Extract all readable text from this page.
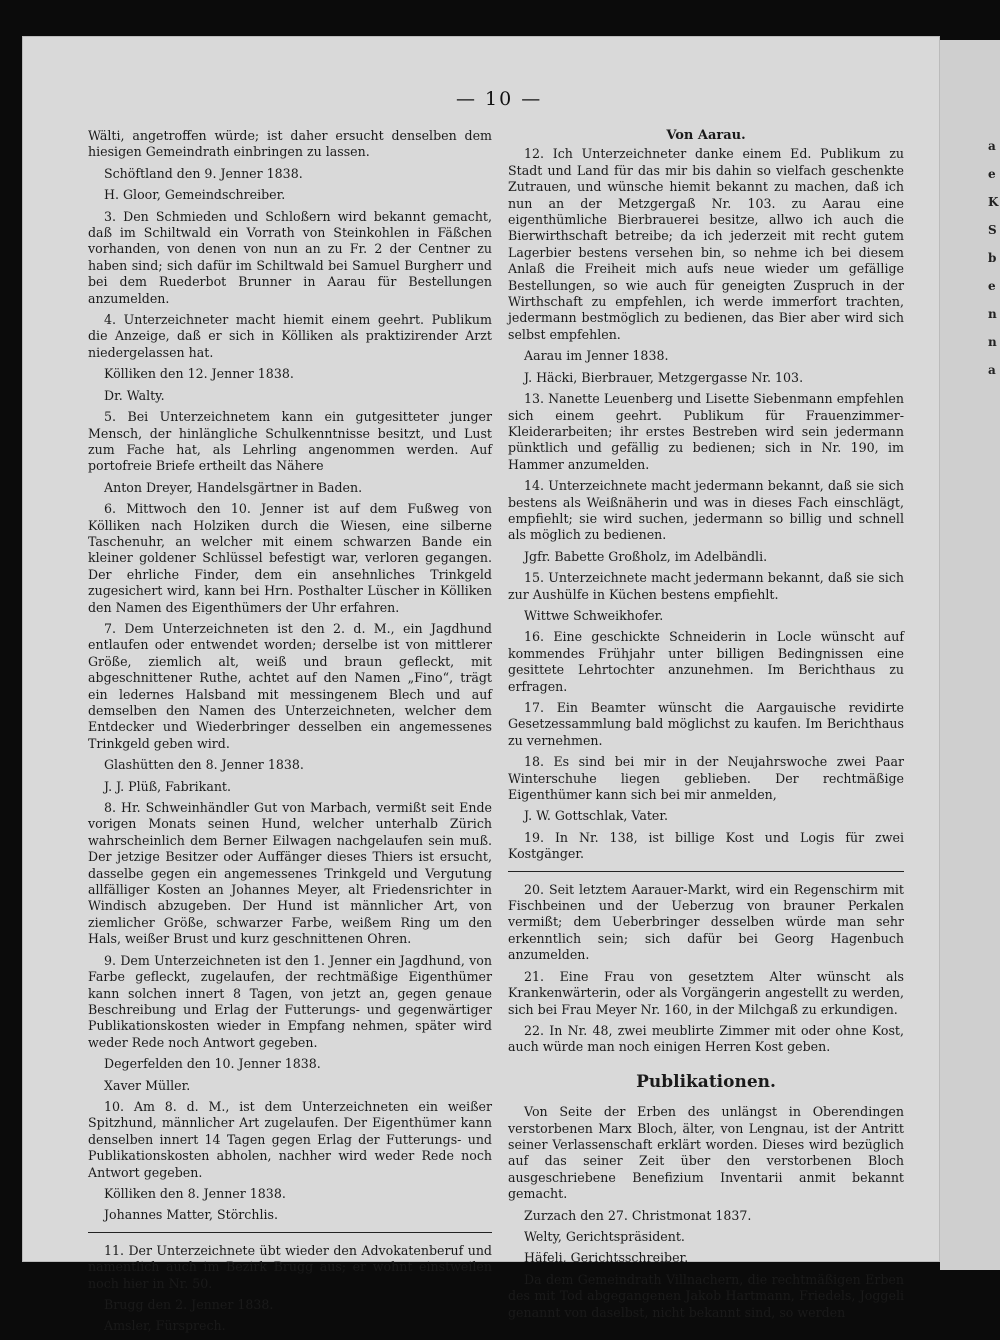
a
e
K
S
b
e
n
n
a
— 10 —

Wälti, angetroffen würde; ist daher ersucht denselben dem hiesigen Gemeindrath einbringen zu lassen.

Schöftland den 9. Jenner 1838.

H. Gloor, Gemeindschreiber.

3. Den Schmieden und Schloßern wird bekannt gemacht, daß im Schiltwald ein Vorrath von Steinkohlen in Fäßchen vorhanden, von denen von nun an zu Fr. 2 der Centner zu haben sind; sich dafür im Schiltwald bei Samuel Burgherr und bei dem Ruederbot Brunner in Aarau für Bestellungen anzumelden.

4. Unterzeichneter macht hiemit einem geehrt. Publikum die Anzeige, daß er sich in Kölliken als praktizirender Arzt niedergelassen hat.

Kölliken den 12. Jenner 1838.

Dr. Walty.

5. Bei Unterzeichnetem kann ein gutgesitteter junger Mensch, der hinlängliche Schulkenntnisse besitzt, und Lust zum Fache hat, als Lehrling angenommen werden. Auf portofreie Briefe ertheilt das Nähere

Anton Dreyer, Handelsgärtner in Baden.

6. Mittwoch den 10. Jenner ist auf dem Fußweg von Kölliken nach Holziken durch die Wiesen, eine silberne Taschenuhr, an welcher mit einem schwarzen Bande ein kleiner goldener Schlüssel befestigt war, verloren gegangen. Der ehrliche Finder, dem ein ansehnliches Trinkgeld zugesichert wird, kann bei Hrn. Posthalter Lüscher in Kölliken den Namen des Eigenthümers der Uhr erfahren.

7. Dem Unterzeichneten ist den 2. d. M., ein Jagdhund entlaufen oder entwendet worden; derselbe ist von mittlerer Größe, ziemlich alt, weiß und braun gefleckt, mit abgeschnittener Ruthe, achtet auf den Namen „Fino“, trägt ein ledernes Halsband mit messingenem Blech und auf demselben den Namen des Unterzeichneten, welcher dem Entdecker und Wiederbringer desselben ein angemessenes Trinkgeld geben wird.

Glashütten den 8. Jenner 1838.

J. J. Plüß, Fabrikant.

8. Hr. Schweinhändler Gut von Marbach, vermißt seit Ende vorigen Monats seinen Hund, welcher unterhalb Zürich wahrscheinlich dem Berner Eilwagen nachgelaufen sein muß. Der jetzige Besitzer oder Auffänger dieses Thiers ist ersucht, dasselbe gegen ein angemessenes Trinkgeld und Vergutung allfälliger Kosten an Johannes Meyer, alt Friedensrichter in Windisch abzugeben. Der Hund ist männlicher Art, von ziemlicher Größe, schwarzer Farbe, weißem Ring um den Hals, weißer Brust und kurz geschnittenen Ohren.

9. Dem Unterzeichneten ist den 1. Jenner ein Jagdhund, von Farbe gefleckt, zugelaufen, der rechtmäßige Eigenthümer kann solchen innert 8 Tagen, von jetzt an, gegen genaue Beschreibung und Erlag der Futterungs- und gegenwärtiger Publikationskosten wieder in Empfang nehmen, später wird weder Rede noch Antwort gegeben.

Degerfelden den 10. Jenner 1838.

Xaver Müller.

10. Am 8. d. M., ist dem Unterzeichneten ein weißer Spitzhund, männlicher Art zugelaufen. Der Eigenthümer kann denselben innert 14 Tagen gegen Erlag der Futterungs- und Publikationskosten abholen, nachher wird weder Rede noch Antwort gegeben.

Kölliken den 8. Jenner 1838.

Johannes Matter, Störchlis.

11. Der Unterzeichnete übt wieder den Advokatenberuf und namentlich auch im Bezirk Brugg aus; er wohnt einstweilen noch hier in Nr. 50.

Brugg den 2. Jenner 1838.

Amsler, Fürsprech.

Von Aarau.

12. Ich Unterzeichneter danke einem Ed. Publikum zu Stadt und Land für das mir bis dahin so vielfach geschenkte Zutrauen, und wünsche hiemit bekannt zu machen, daß ich nun an der Metzgergaß Nr. 103. zu Aarau eine eigenthümliche Bierbrauerei besitze, allwo ich auch die Bierwirthschaft betreibe; da ich jederzeit mit recht gutem Lagerbier bestens versehen bin, so nehme ich bei diesem Anlaß die Freiheit mich aufs neue wieder um gefällige Bestellungen, so wie auch für geneigten Zuspruch in der Wirthschaft zu empfehlen, ich werde immerfort trachten, jedermann bestmöglich zu bedienen, das Bier aber wird sich selbst empfehlen.

Aarau im Jenner 1838.

J. Häcki, Bierbrauer, Metzgergasse Nr. 103.

13. Nanette Leuenberg und Lisette Siebenmann empfehlen sich einem geehrt. Publikum für Frauenzimmer-Kleiderarbeiten; ihr erstes Bestreben wird sein jedermann pünktlich und gefällig zu bedienen; sich in Nr. 190, im Hammer anzumelden.

14. Unterzeichnete macht jedermann bekannt, daß sie sich bestens als Weißnäherin und was in dieses Fach einschlägt, empfiehlt; sie wird suchen, jedermann so billig und schnell als möglich zu bedienen.

Jgfr. Babette Großholz, im Adelbändli.

15. Unterzeichnete macht jedermann bekannt, daß sie sich zur Aushülfe in Küchen bestens empfiehlt.

Wittwe Schweikhofer.

16. Eine geschickte Schneiderin in Locle wünscht auf kommendes Frühjahr unter billigen Bedingnissen eine gesittete Lehrtochter anzunehmen. Im Berichthaus zu erfragen.

17. Ein Beamter wünscht die Aargauische revidirte Gesetzessammlung bald möglichst zu kaufen. Im Berichthaus zu vernehmen.

18. Es sind bei mir in der Neujahrswoche zwei Paar Winterschuhe liegen geblieben. Der rechtmäßige Eigenthümer kann sich bei mir anmelden,

J. W. Gottschlak, Vater.

19. In Nr. 138, ist billige Kost und Logis für zwei Kostgänger.

20. Seit letztem Aarauer-Markt, wird ein Regenschirm mit Fischbeinen und der Ueberzug von brauner Perkalen vermißt; dem Ueberbringer desselben würde man sehr erkenntlich sein; sich dafür bei Georg Hagenbuch anzumelden.

21. Eine Frau von gesetztem Alter wünscht als Krankenwärterin, oder als Vorgängerin angestellt zu werden, sich bei Frau Meyer Nr. 160, in der Milchgaß zu erkundigen.

22. In Nr. 48, zwei meublirte Zimmer mit oder ohne Kost, auch würde man noch einigen Herren Kost geben.

Publikationen.

Von Seite der Erben des unlängst in Oberendingen verstorbenen Marx Bloch, älter, von Lengnau, ist der Antritt seiner Verlassenschaft erklärt worden. Dieses wird bezüglich auf das seiner Zeit über den verstorbenen Bloch ausgeschriebene Benefizium Inventarii anmit bekannt gemacht.

Zurzach den 27. Christmonat 1837.

Welty, Gerichtspräsident.

Häfeli, Gerichtsschreiber.

Da dem Gemeindrath Villnachern, die rechtmäßigen Erben des mit Tod abgegangenen Jakob Hartmann, Friedels, Joggeli genannt von daselbst, nicht bekannt sind, so werden
